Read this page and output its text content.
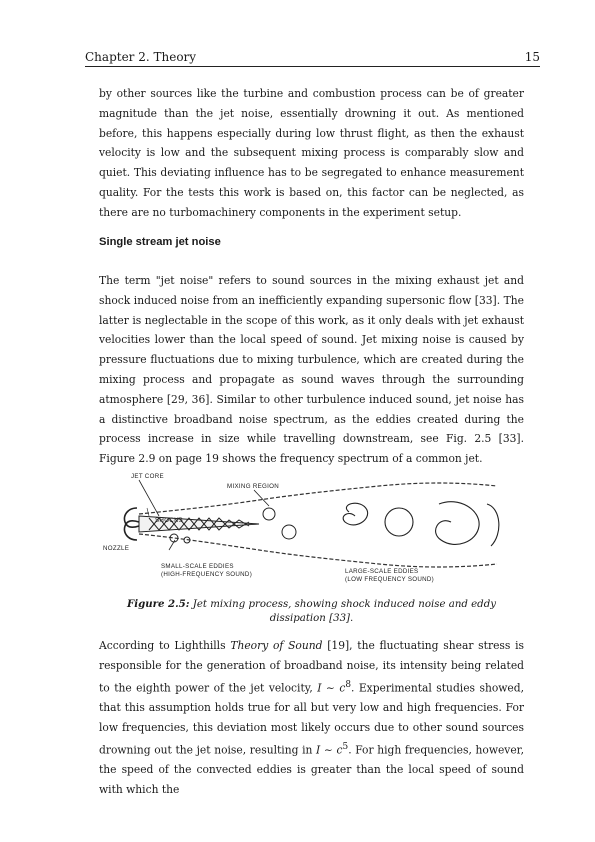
Chapter 2. Theory	15

by other sources like the turbine and combustion process can be of greater magnitude than the jet noise, essentially drowning it out. As mentioned before, this happens especially during low thrust flight, as then the exhaust velocity is low and the subsequent mixing process is comparably slow and quiet. This deviating influence has to be segregated to enhance measurement quality. For the tests this work is based on, this factor can be neglected, as there are no turbomachinery components in the experiment setup.

Single stream jet noise

The term "jet noise" refers to sound sources in the mixing exhaust jet and shock induced noise from an inefficiently expanding supersonic flow [33]. The latter is neglectable in the scope of this work, as it only deals with jet exhaust velocities lower than the local speed of sound. Jet mixing noise is caused by pressure fluctuations due to mixing turbulence, which are created during the mixing process and propagate as sound waves through the surrounding atmosphere [29, 36]. Similar to other turbulence induced sound, jet noise has a distinctive broadband noise spectrum, as the eddies created during the process increase in size while travelling downstream, see Fig. 2.5 [33]. Figure 2.9 on page 19 shows the frequency spectrum of a common jet.

JET CORE
MIXING REGION
SHOCKS
NOZZLE
SMALL-SCALE EDDIES
(HIGH-FREQUENCY SOUND)	LARGE-SCALE EDDIES
(LOW FREQUENCY SOUND)

Figure 2.5: Jet mixing process, showing shock induced noise and eddy dissipation [33].

According to Lighthills Theory of Sound [19], the fluctuating shear stress is responsible for the generation of broadband noise, its intensity being related to the eighth power of the jet velocity, I ∼ $c^8$. Experimental studies showed, that this assumption holds true for all but very low and high frequencies. For low frequencies, this deviation most likely occurs due to other sound sources drowning out the jet noise, resulting in I ∼ $c^5$. For high frequencies, however, the speed of the convected eddies is greater than the local speed of sound with which the
